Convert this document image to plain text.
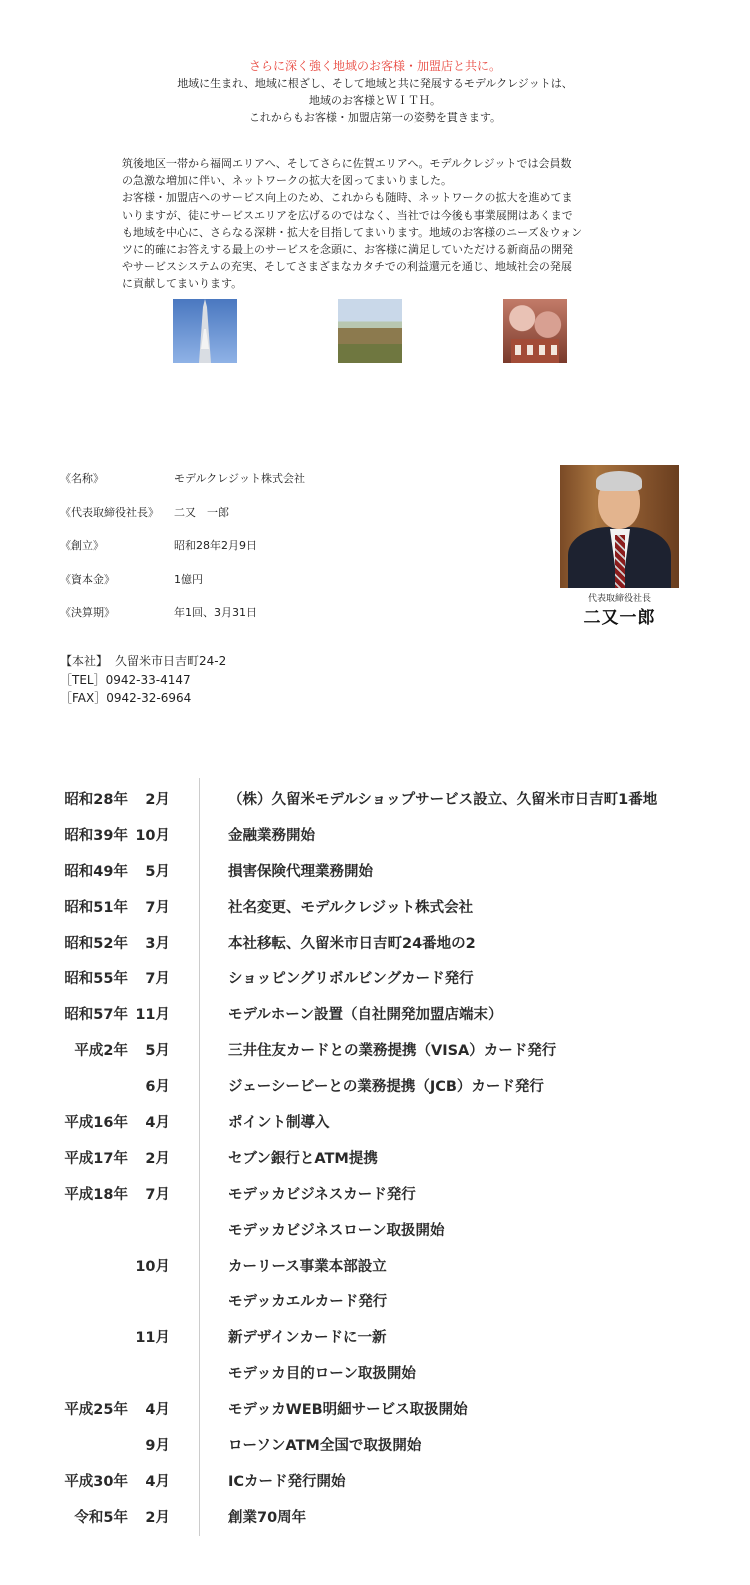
さらに深く強く地域のお客様・加盟店と共に。

地域に生まれ、地域に根ざし、そして地域と共に発展するモデルクレジットは、

地域のお客様とＷＩＴＨ。

これからもお客様・加盟店第一の姿勢を貫きます。

筑後地区一帯から福岡エリアへ、そしてさらに佐賀エリアへ。モデルクレジットでは会員数
の急激な増加に伴い、ネットワークの拡大を図ってまいりました。
お客様・加盟店へのサービス向上のため、これからも随時、ネットワークの拡大を進めてま
いりますが、徒にサービスエリアを広げるのではなく、当社では今後も事業展開はあくまで
も地域を中心に、さらなる深耕・拡大を目指してまいります。地域のお客様のニーズ＆ウォン
ツに的確にお答えする最上のサービスを念頭に、お客様に満足していただける新商品の開発
やサービスシステムの充実、そしてさまざまなカタチでの利益還元を通じ、地域社会の発展
に貢献してまいります。
《名称》	モデルクレジット株式会社
《代表取締役社長》 二又　一郎
《創立》	昭和28年2月9日
《資本金》	1億円
《決算期》	年1回、3月31日
代表取締役社長
二又一郎
【本社】 久留米市日吉町24-2
［TEL］0942-33-4147
［FAX］0942-32-6964
昭和28年 2月	（株）久留米モデルショップサービス設立、久留米市日吉町1番地
昭和39年 10月	金融業務開始
昭和49年 5月	損害保険代理業務開始
昭和51年 7月	社名変更、モデルクレジット株式会社
昭和52年 3月	本社移転、久留米市日吉町24番地の2
昭和55年 7月	ショッピングリボルビングカード発行
昭和57年 11月	モデルホーン設置（自社開発加盟店端末）
平成2年 5月	三井住友カードとの業務提携（VISA）カード発行
6月	ジェーシービーとの業務提携（JCB）カード発行
平成16年 4月	ポイント制導入
平成17年 2月	セブン銀行とATM提携
平成18年 7月	モデッカビジネスカード発行
モデッカビジネスローン取扱開始
10月	カーリース事業本部設立
モデッカエルカード発行
11月	新デザインカードに一新
モデッカ目的ローン取扱開始
平成25年 4月	モデッカWEB明細サービス取扱開始
9月	ローソンATM全国で取扱開始
平成30年 4月	ICカード発行開始
令和5年 2月	創業70周年
